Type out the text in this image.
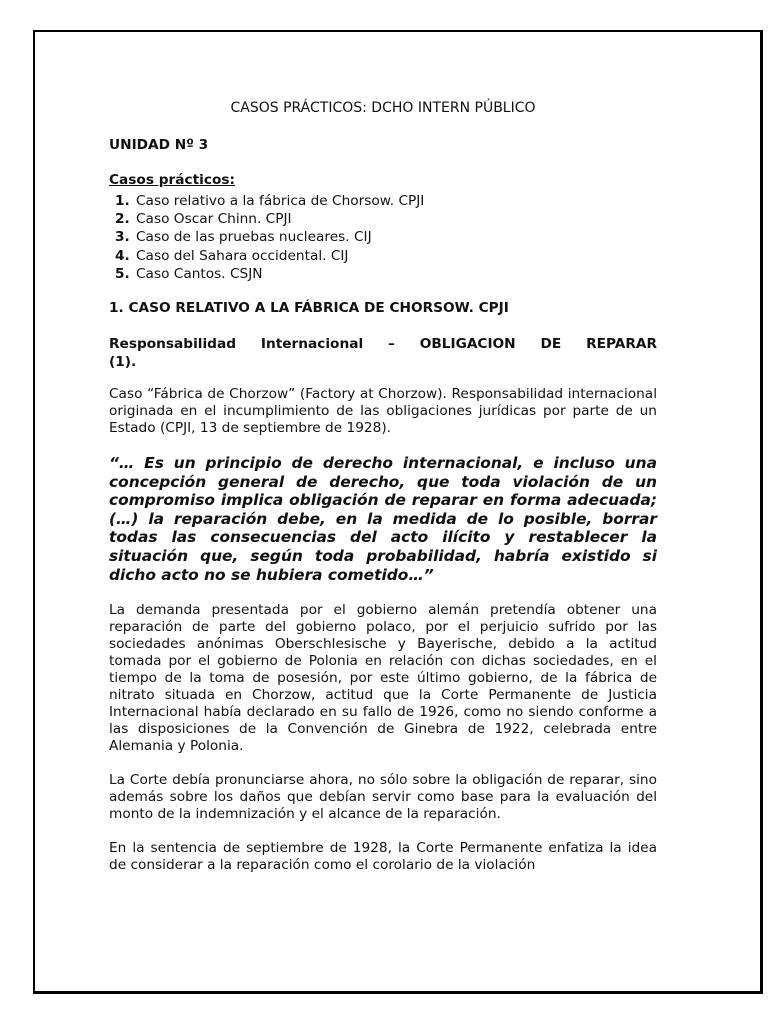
CASOS PRÁCTICOS: DCHO INTERN PÚBLICO

UNIDAD Nº 3

Casos prácticos:

1. Caso relativo a la fábrica de Chorsow. CPJI
2. Caso Oscar Chinn. CPJI
3. Caso de las pruebas nucleares. CIJ
4. Caso del Sahara occidental. CIJ
5. Caso Cantos. CSJN

1. CASO RELATIVO A LA FÁBRICA DE CHORSOW. CPJI

Responsabilidad Internacional – OBLIGACION DE REPARAR

(1).

Caso “Fábrica de Chorzow” (Factory at Chorzow). Responsabilidad internacional originada en el incumplimiento de las obligaciones jurídicas por parte de un Estado (CPJI, 13 de septiembre de 1928).

“… Es un principio de derecho internacional, e incluso una concepción general de derecho, que toda violación de un compromiso implica obligación de reparar en forma adecuada; (…) la reparación debe, en la medida de lo posible, borrar todas las consecuencias del acto ilícito y restablecer la situación que, según toda probabilidad, habría existido si dicho acto no se hubiera cometido…”

La demanda presentada por el gobierno alemán pretendía obtener una reparación de parte del gobierno polaco, por el perjuicio sufrido por las sociedades anónimas Oberschlesische y Bayerische, debido a la actitud tomada por el gobierno de Polonia en relación con dichas sociedades, en el tiempo de la toma de posesión, por este último gobierno, de la fábrica de nitrato situada en Chorzow, actitud que la Corte Permanente de Justicia Internacional había declarado en su fallo de 1926, como no siendo conforme a las disposiciones de la Convención de Ginebra de 1922, celebrada entre Alemania y Polonia.

La Corte debía pronunciarse ahora, no sólo sobre la obligación de reparar, sino además sobre los daños que debían servir como base para la evaluación del monto de la indemnización y el alcance de la reparación.

En la sentencia de septiembre de 1928, la Corte Permanente enfatiza la idea de considerar a la reparación como el corolario de la violación
